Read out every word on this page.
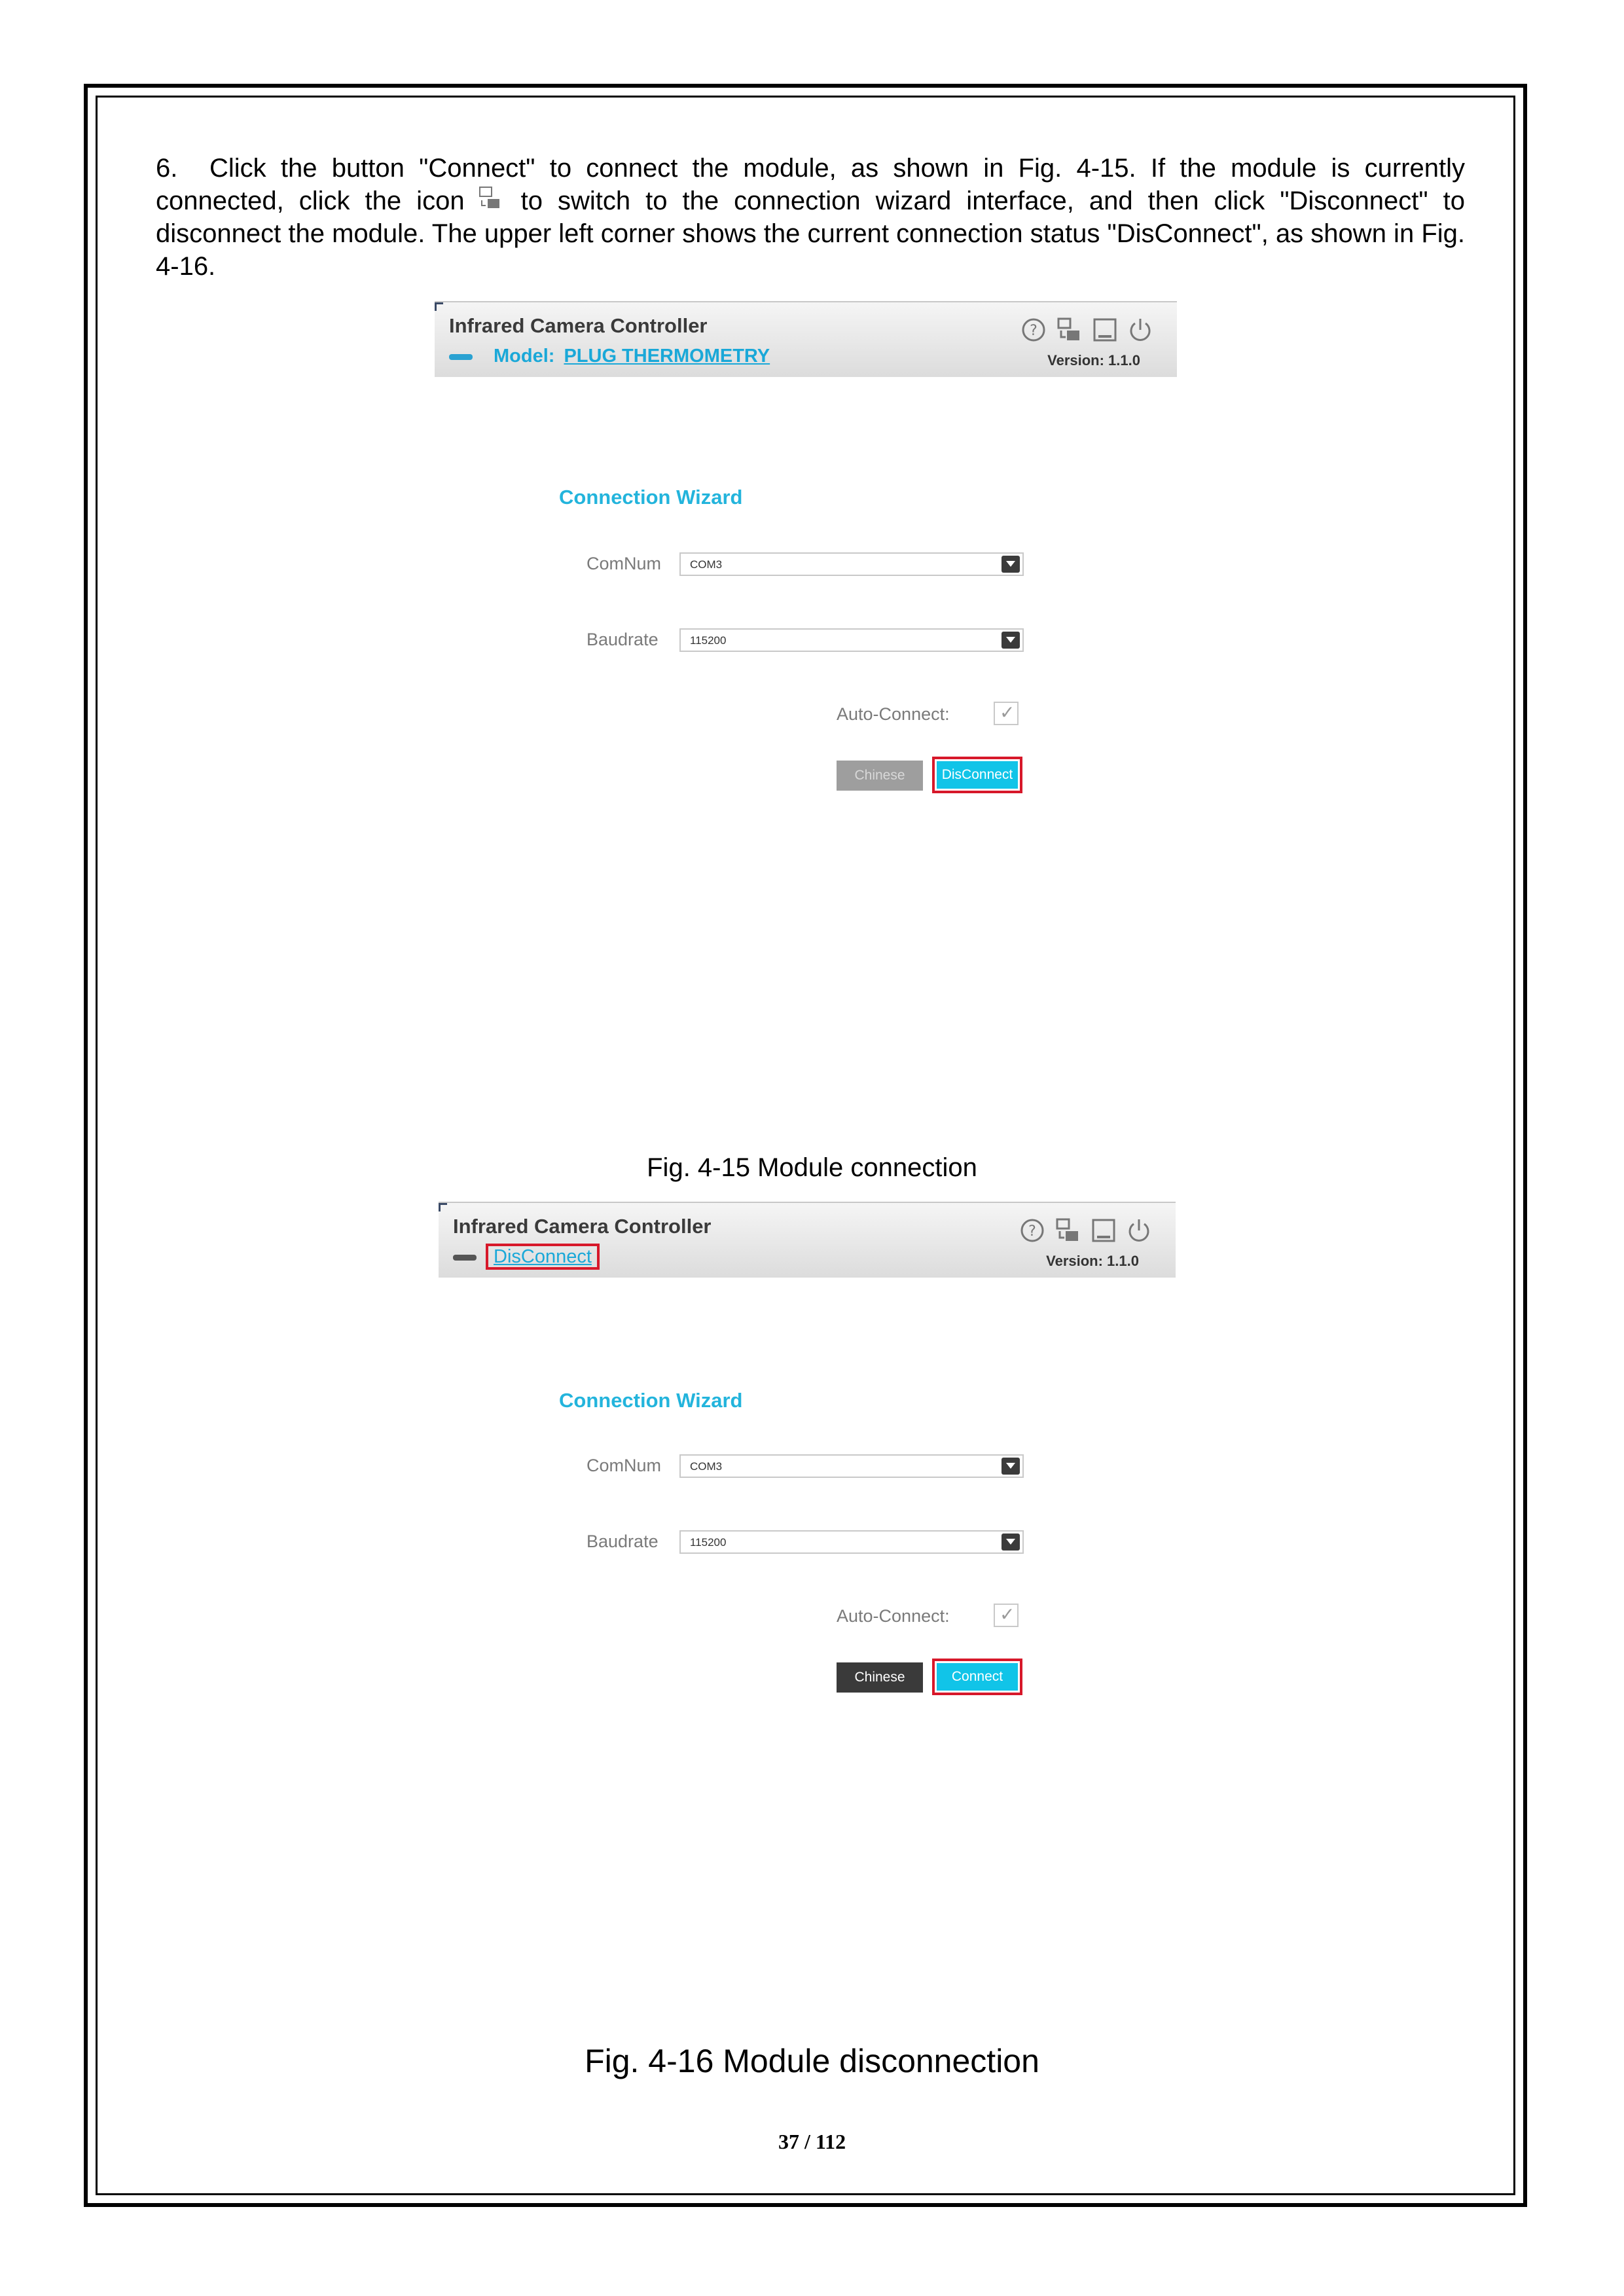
6. Click the button "Connect" to connect the module, as shown in Fig. 4-15. If the module is currently connected, click the icon to switch to the connection wizard interface, and then click "Disconnect" to disconnect the module. The upper left corner shows the current connection status "DisConnect", as shown in Fig. 4-16.
Infrared Camera Controller
Model: PLUG THERMOMETRY
?

Version: 1.1.0
Connection Wizard
ComNum	COM3
Baudrate	115200
Auto-Connect:
✓
Chinese	DisConnect
Fig. 4-15 Module connection
Infrared Camera Controller
DisConnect
?

Version: 1.1.0
Connection Wizard
ComNum	COM3
Baudrate	115200
Auto-Connect:
✓
Chinese	Connect
Fig. 4-16 Module disconnection
37 / 112
